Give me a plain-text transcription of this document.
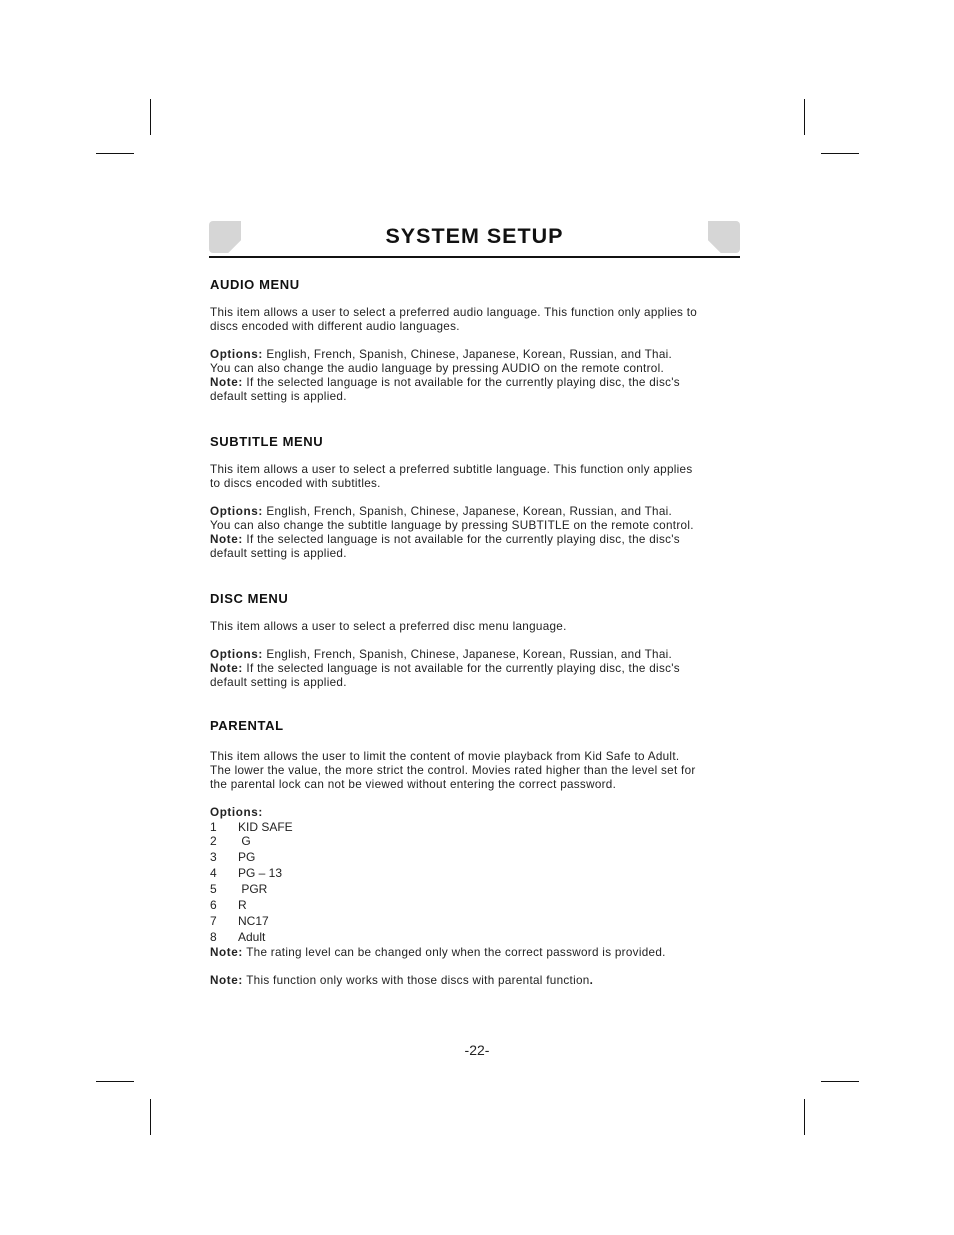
SYSTEM SETUP
AUDIO MENU
This item allows a user to select a preferred audio language. This function only applies to
discs encoded with different audio languages.
Options: English, French, Spanish, Chinese, Japanese, Korean, Russian, and Thai.
You can also change the audio language by pressing AUDIO on the remote control.
Note: If the selected language is not available for the currently playing disc, the disc's
default setting is applied.
SUBTITLE MENU
This item allows a user to select a preferred subtitle language. This function only applies
to discs encoded with subtitles.
Options: English, French, Spanish, Chinese, Japanese, Korean, Russian, and Thai.
You can also change the subtitle language by pressing SUBTITLE on the remote control.
Note: If the selected language is not available for the currently playing disc, the disc's
default setting is applied.
DISC MENU
This item allows a user to select a preferred disc menu language.
Options: English, French, Spanish, Chinese, Japanese, Korean, Russian, and Thai.
Note: If the selected language is not available for the currently playing disc, the disc's
default setting is applied.
PARENTAL
This item allows the user to limit the content of movie playback from Kid Safe to Adult.
The lower the value, the more strict the control. Movies rated higher than the level set for
the parental lock can not be viewed without entering the correct password.
Options:
1 KID SAFE
2 G
3 PG
4 PG – 13
5 PGR
6 R
7 NC17
8 Adult
Note: The rating level can be changed only when the correct password is provided.
Note: This function only works with those discs with parental function.
-22-
